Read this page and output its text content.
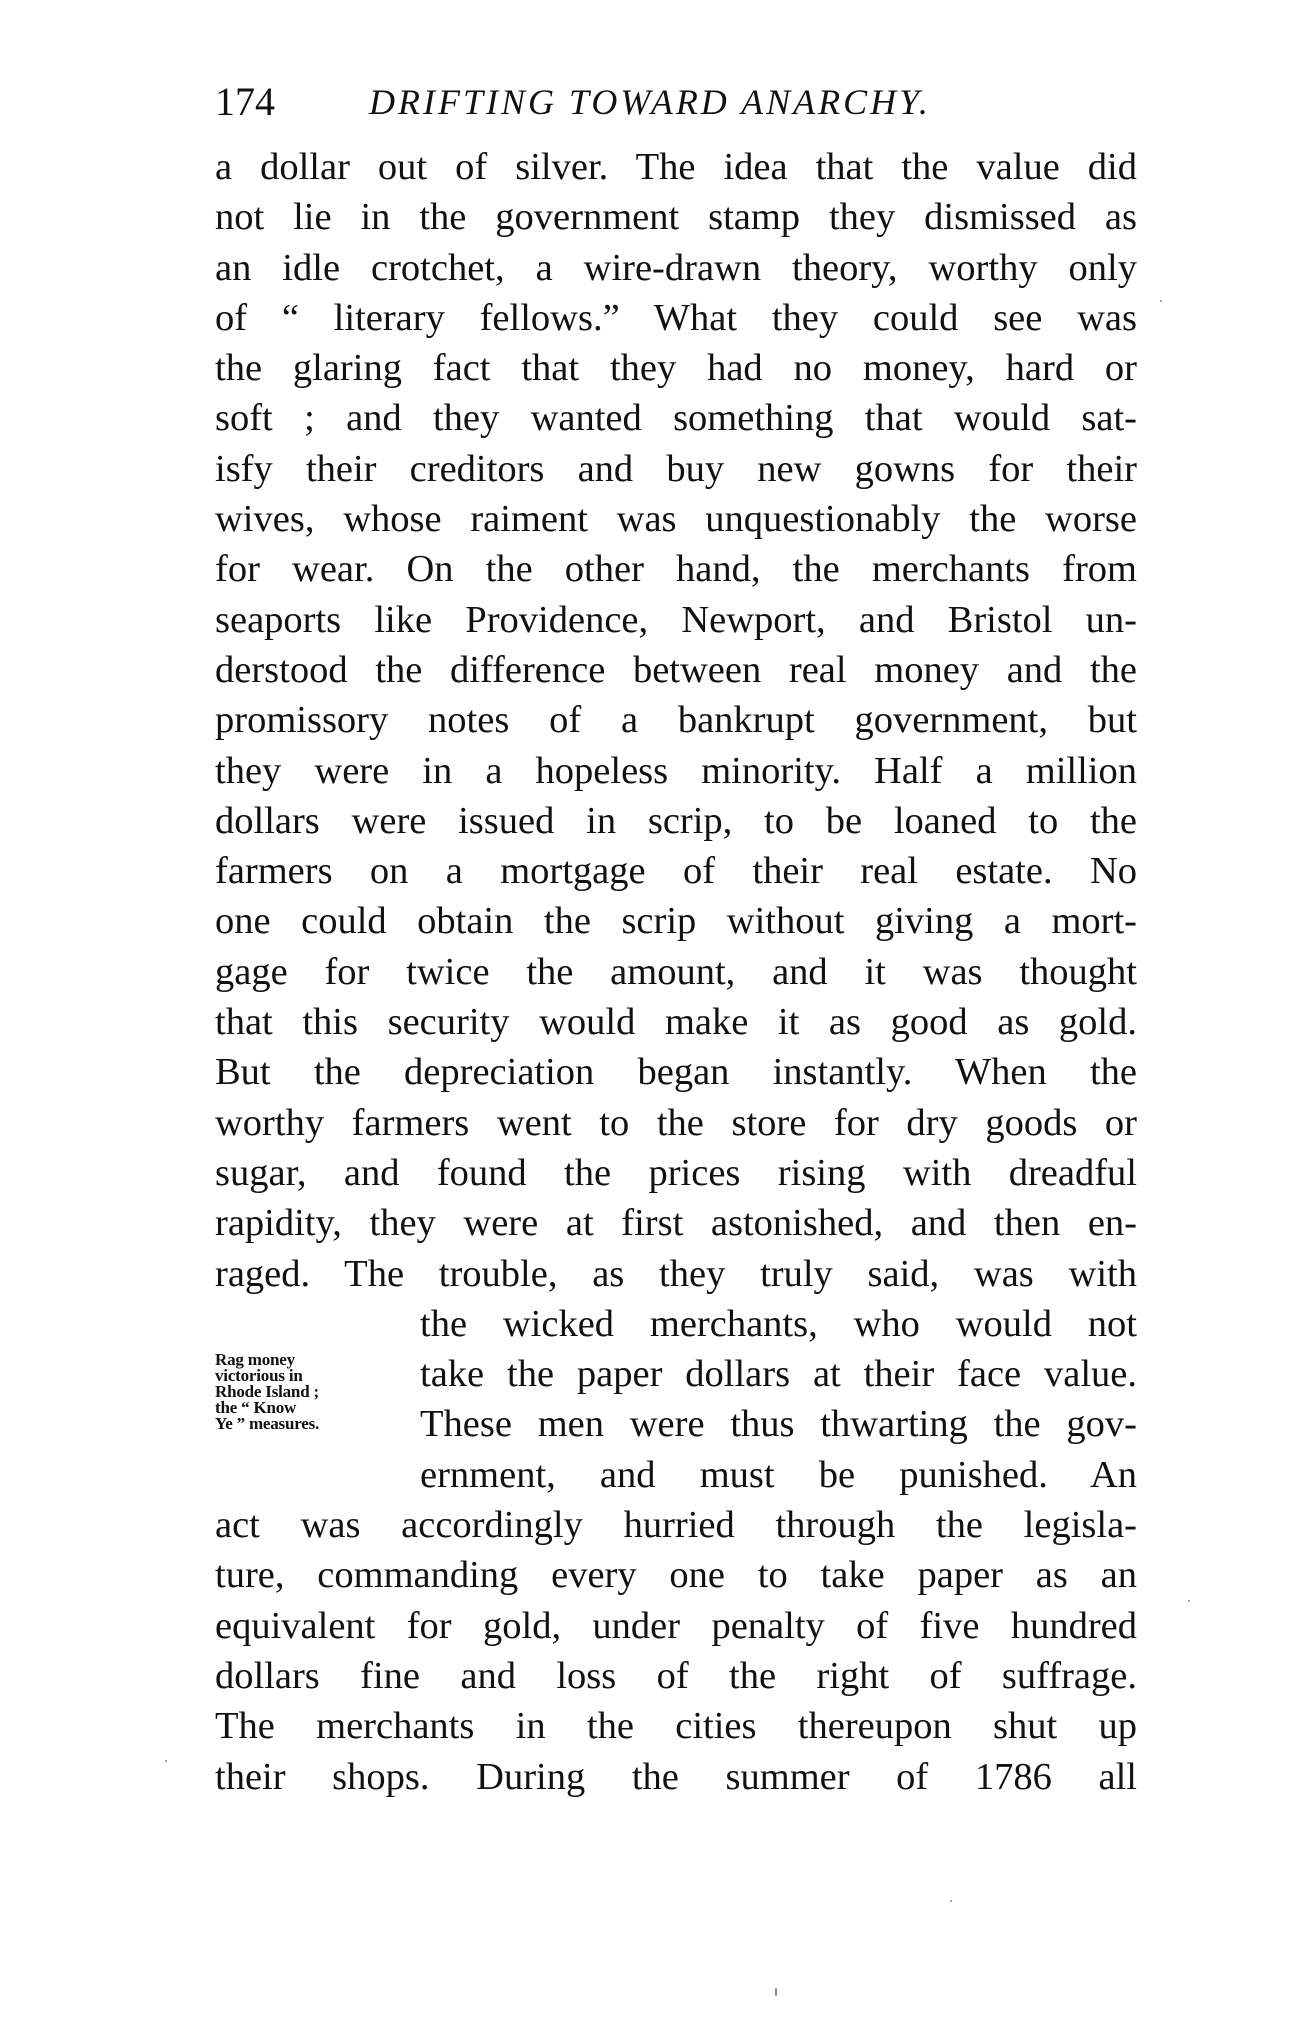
174	DRIFTING TOWARD ANARCHY.
a dollar out of silver. The idea that the value did
not lie in the government stamp they dismissed as
an idle crotchet, a wire-drawn theory, worthy only
of “ literary fellows.” What they could see was
the glaring fact that they had no money, hard or
soft ; and they wanted something that would sat-
isfy their creditors and buy new gowns for their
wives, whose raiment was unquestionably the worse
for wear. On the other hand, the merchants from
seaports like Providence, Newport, and Bristol un-
derstood the difference between real money and the
promissory notes of a bankrupt government, but
they were in a hopeless minority. Half a million
dollars were issued in scrip, to be loaned to the
farmers on a mortgage of their real estate. No
one could obtain the scrip without giving a mort-
gage for twice the amount, and it was thought
that this security would make it as good as gold.
But the depreciation began instantly. When the
worthy farmers went to the store for dry goods or
sugar, and found the prices rising with dreadful
rapidity, they were at first astonished, and then en-
raged. The trouble, as they truly said, was with
the wicked merchants, who would not
take the paper dollars at their face value.
These men were thus thwarting the gov-
ernment, and must be punished. An
act was accordingly hurried through the legisla-
ture, commanding every one to take paper as an
equivalent for gold, under penalty of five hundred
dollars fine and loss of the right of suffrage.
The merchants in the cities thereupon shut up
their shops. During the summer of 1786 all
Rag money
victorious in
Rhode Island ;
the “ Know
Ye ” measures.
